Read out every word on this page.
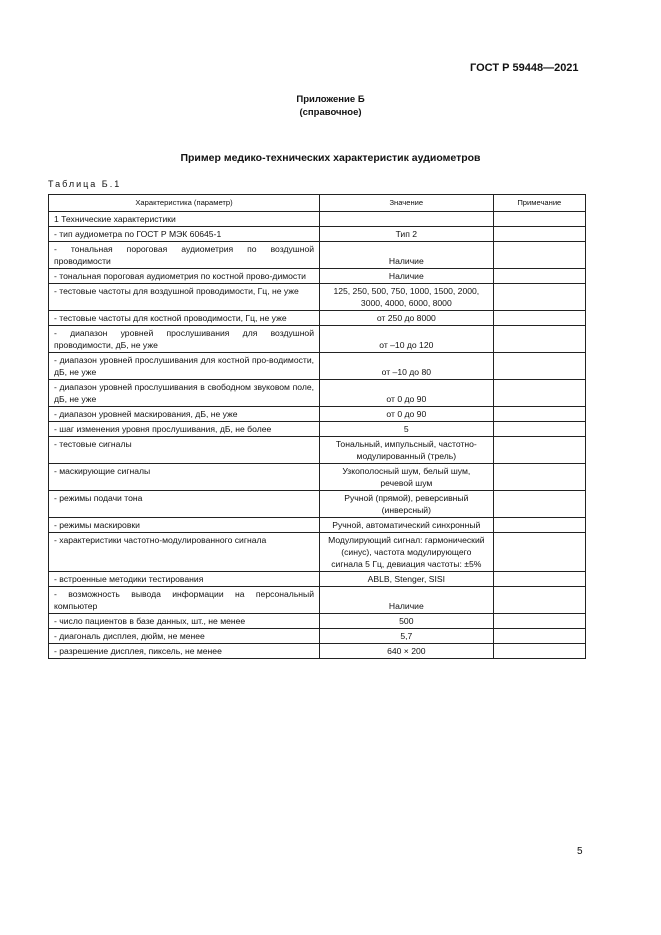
ГОСТ Р 59448—2021
Приложение Б
(справочное)
Пример медико-технических характеристик аудиометров
Таблица Б.1
Характеристика (параметр)	Значение	Примечание
1 Технические характеристики		
- тип аудиометра по ГОСТ Р МЭК 60645-1	Тип 2	
- тональная пороговая аудиометрия по воздушной проводимости	Наличие	
- тональная пороговая аудиометрия по костной прово-димости	Наличие	
- тестовые частоты для воздушной проводимости, Гц, не уже	125, 250, 500, 750, 1000, 1500, 2000, 3000, 4000, 6000, 8000	
- тестовые частоты для костной проводимости, Гц, не уже	от 250 до 8000	
- диапазон уровней прослушивания для воздушной проводимости, дБ, не уже	от –10 до 120	
- диапазон уровней прослушивания для костной про-водимости, дБ, не уже	от –10 до 80	
- диапазон уровней прослушивания в свободном звуковом поле, дБ, не уже	от 0 до 90	
- диапазон уровней маскирования, дБ, не уже	от 0 до 90	
- шаг изменения уровня прослушивания, дБ, не более	5	
- тестовые сигналы	Тональный, импульсный, частотно-модулированный (трель)	
- маскирующие сигналы	Узкополосный шум, белый шум, речевой шум	
- режимы подачи тона	Ручной (прямой), реверсивный (инверсный)	
- режимы маскировки	Ручной, автоматический синхронный	
- характеристики частотно-модулированного сигнала	Модулирующий сигнал: гармонический (синус), частота модулирующего сигнала 5 Гц, девиация частоты: ±5%	
- встроенные методики тестирования	ABLB, Stenger, SISI	
- возможность вывода информации на персональный компьютер	Наличие	
- число пациентов в базе данных, шт., не менее	500	
- диагональ дисплея, дюйм, не менее	5,7	
- разрешение дисплея, пиксель, не менее	640 × 200	
5
